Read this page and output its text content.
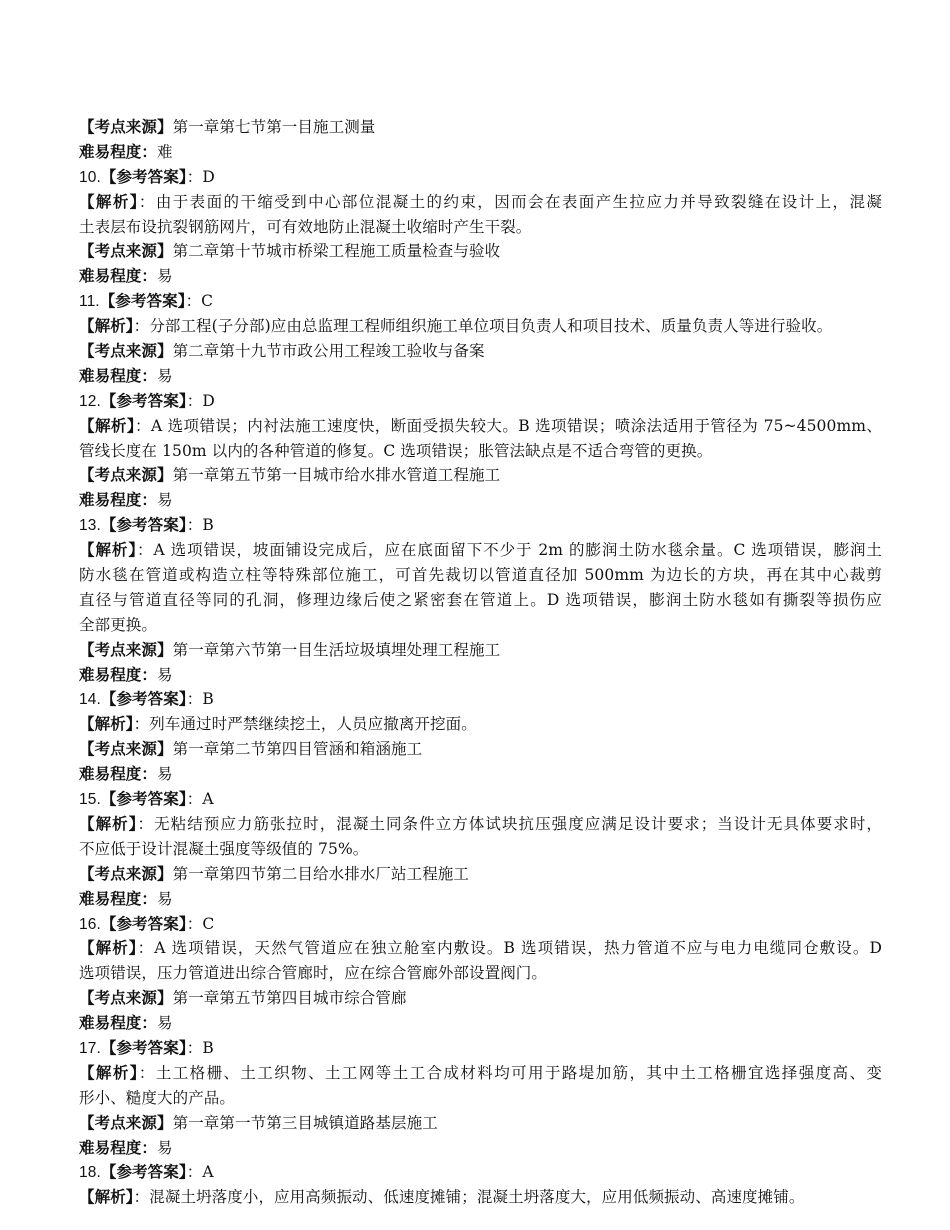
【考点来源】第一章第七节第一目施工测量
难易程度：难
10.【参考答案】：D
【解析】：由于表面的干缩受到中心部位混凝土的约束，因而会在表面产生拉应力并导致裂缝在设计上，混凝
土表层布设抗裂钢筋网片，可有效地防止混凝土收缩时产生干裂。
【考点来源】第二章第十节城市桥梁工程施工质量检查与验收
难易程度：易
11.【参考答案】：C
【解析】：分部工程(子分部)应由总监理工程师组织施工单位项目负责人和项目技术、质量负责人等进行验收。
【考点来源】第二章第十九节市政公用工程竣工验收与备案
难易程度：易
12.【参考答案】：D
【解析】：A 选项错误；内衬法施工速度快，断面受损失较大。B 选项错误；喷涂法适用于管径为 75~4500mm、
管线长度在 150m 以内的各种管道的修复。C 选项错误；胀管法缺点是不适合弯管的更换。
【考点来源】第一章第五节第一目城市给水排水管道工程施工
难易程度：易
13.【参考答案】：B
【解析】：A 选项错误，坡面铺设完成后，应在底面留下不少于 2m 的膨润土防水毯余量。C 选项错误，膨润土
防水毯在管道或构造立柱等特殊部位施工，可首先裁切以管道直径加 500mm 为边长的方块，再在其中心裁剪
直径与管道直径等同的孔洞，修理边缘后使之紧密套在管道上。D 选项错误，膨润土防水毯如有撕裂等损伤应
全部更换。
【考点来源】第一章第六节第一目生活垃圾填埋处理工程施工
难易程度：易
14.【参考答案】：B
【解析】：列车通过时严禁继续挖土，人员应撤离开挖面。
【考点来源】第一章第二节第四目管涵和箱涵施工
难易程度：易
15.【参考答案】：A
【解析】：无粘结预应力筋张拉时，混凝土同条件立方体试块抗压强度应满足设计要求；当设计无具体要求时，
不应低于设计混凝土强度等级值的 75%。
【考点来源】第一章第四节第二目给水排水厂站工程施工
难易程度：易
16.【参考答案】：C
【解析】：A 选项错误，天然气管道应在独立舱室内敷设。B 选项错误，热力管道不应与电力电缆同仓敷设。D
选项错误，压力管道进出综合管廊时，应在综合管廊外部设置阀门。
【考点来源】第一章第五节第四目城市综合管廊
难易程度：易
17.【参考答案】：B
【解析】：土工格栅、土工织物、土工网等土工合成材料均可用于路堤加筋，其中土工格栅宜选择强度高、变
形小、糙度大的产品。
【考点来源】第一章第一节第三目城镇道路基层施工
难易程度：易
18.【参考答案】：A
【解析】：混凝土坍落度小，应用高频振动、低速度摊铺；混凝土坍落度大，应用低频振动、高速度摊铺。
